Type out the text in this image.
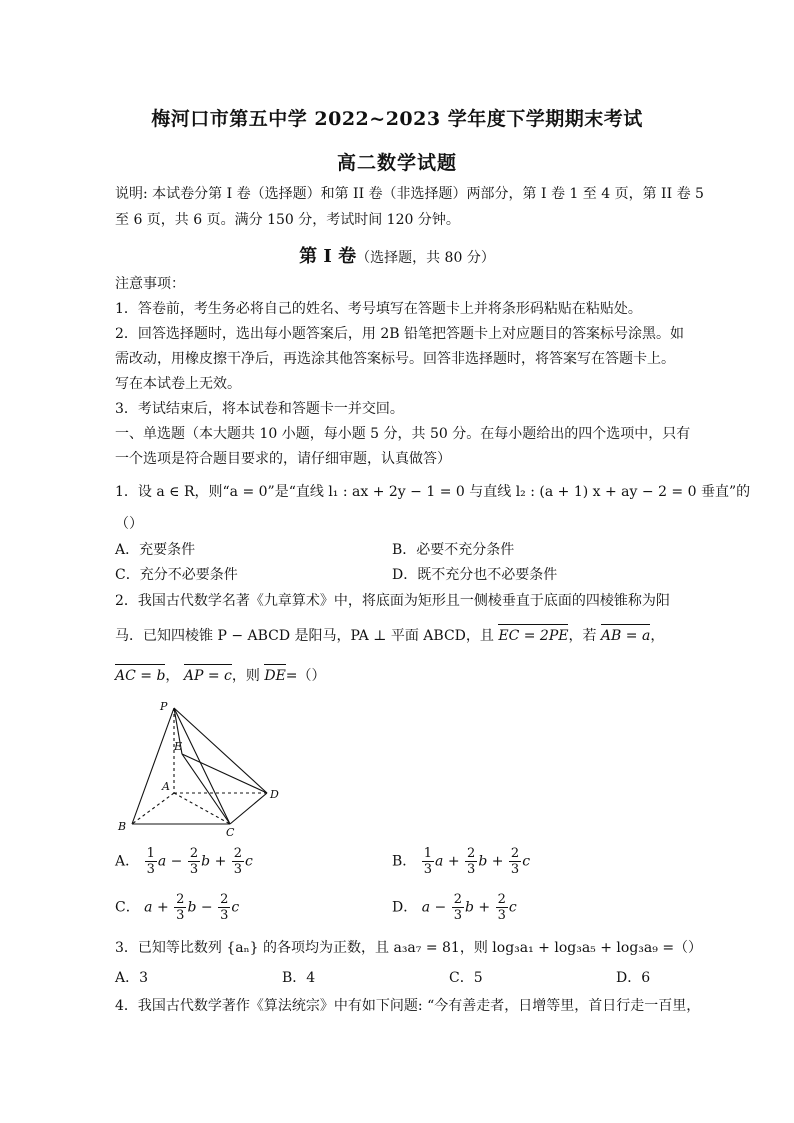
梅河口市第五中学 2022~2023 学年度下学期期末考试
高二数学试题
说明: 本试卷分第 I 卷（选择题）和第 II 卷（非选择题）两部分，第 I 卷 1 至 4 页，第 II 卷 5
至 6 页，共 6 页。满分 150 分，考试时间 120 分钟。
第 I 卷（选择题，共 80 分）
注意事项：
1．答卷前，考生务必将自己的姓名、考号填写在答题卡上并将条形码粘贴在粘贴处。
2．回答选择题时，选出每小题答案后，用 2B 铅笔把答题卡上对应题目的答案标号涂黑。如
需改动，用橡皮擦干净后，再选涂其他答案标号。回答非选择题时，将答案写在答题卡上。
写在本试卷上无效。
3．考试结束后，将本试卷和答题卡一并交回。
一、单选题（本大题共 10 小题，每小题 5 分，共 50 分。在每小题给出的四个选项中，只有
一个选项是符合题目要求的，请仔细审题，认真做答）
1．设 a ∈ R，则“a = 0”是“直线 l₁ : ax + 2y − 1 = 0 与直线 l₂ : (a + 1) x + ay − 2 = 0 垂直”的
（）
A．充要条件	B．必要不充分条件
C．充分不必要条件	D．既不充分也不必要条件
2．我国古代数学名著《九章算术》中，将底面为矩形且一侧棱垂直于底面的四棱锥称为阳
马．已知四棱锥 P − ABCD 是阳马，PA ⊥ 平面 ABCD，且 EC = 2PE，若 AB = a，
AC = b， AP = c，则 DE=（）
P
E
A
D
B	C
A． $\frac{1}{3}$ $a - \frac{2}{3}$ $b + \frac{2}{3}$ c	B． $\frac{1}{3}$ $a + \frac{2}{3}$ $b + \frac{2}{3}$ c
C． $a + \frac{2}{3}$ $b - \frac{2}{3}$ c	D． $a - \frac{2}{3}$ $b + \frac{2}{3}$ c
3．已知等比数列 {aₙ} 的各项均为正数，且 a₃a₇ = 81，则 log₃a₁ + log₃a₅ + log₃a₉ =（）
A．3	B．4	C．5	D．6
4．我国古代数学著作《算法统宗》中有如下问题: “今有善走者，日增等里，首日行走一百里，
